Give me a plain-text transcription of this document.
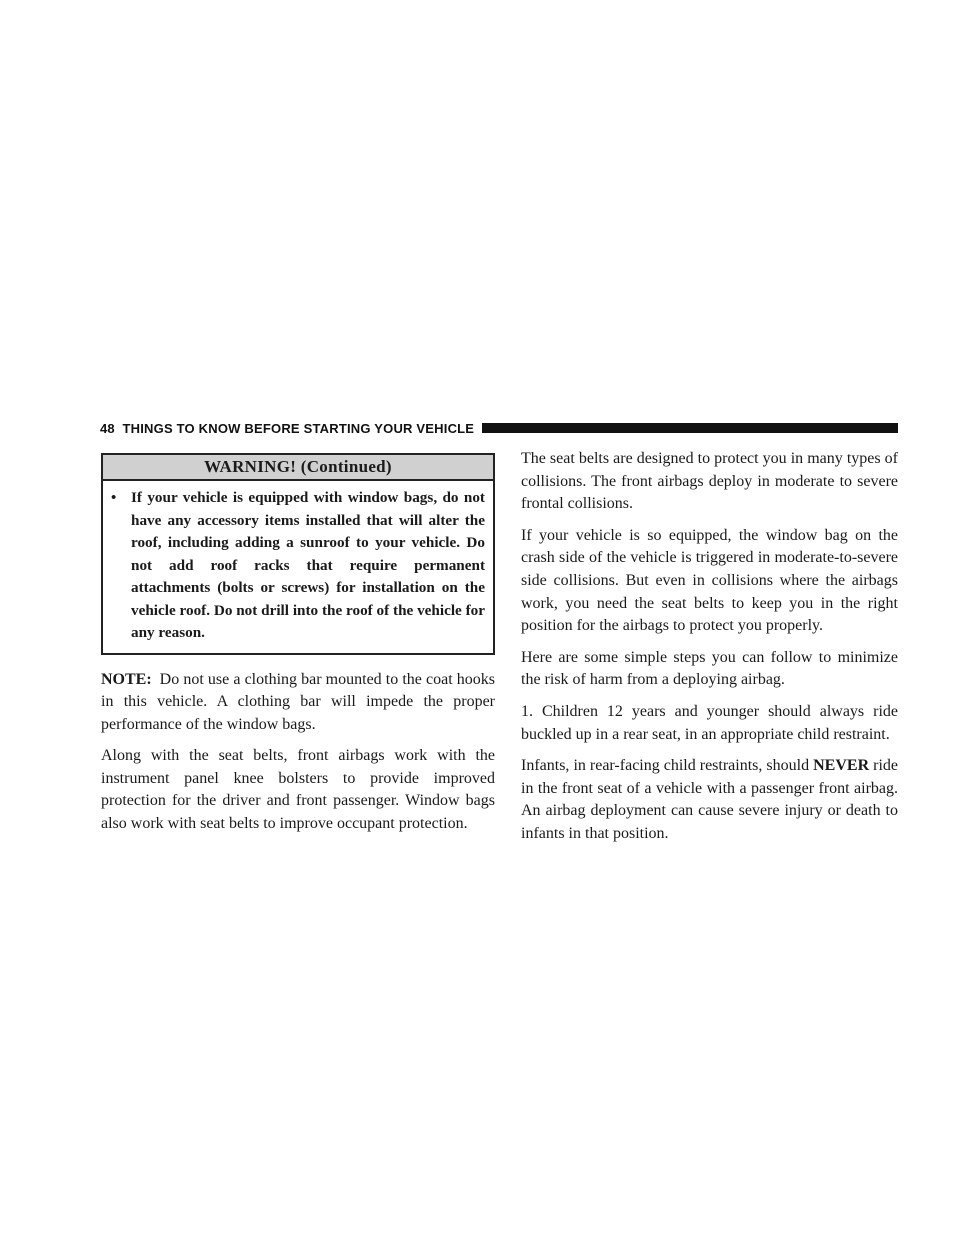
48 THINGS TO KNOW BEFORE STARTING YOUR VEHICLE
WARNING! (Continued)
• If your vehicle is equipped with window bags, do not have any accessory items installed that will alter the roof, including adding a sunroof to your vehicle. Do not add roof racks that require permanent attachments (bolts or screws) for installation on the vehicle roof. Do not drill into the roof of the vehicle for any reason.

NOTE: Do not use a clothing bar mounted to the coat hooks in this vehicle. A clothing bar will impede the proper performance of the window bags.

Along with the seat belts, front airbags work with the instrument panel knee bolsters to provide improved protection for the driver and front passenger. Window bags also work with seat belts to improve occupant protection.

The seat belts are designed to protect you in many types of collisions. The front airbags deploy in moderate to severe frontal collisions.

If your vehicle is so equipped, the window bag on the crash side of the vehicle is triggered in moderate-to-severe side collisions. But even in collisions where the airbags work, you need the seat belts to keep you in the right position for the airbags to protect you properly.

Here are some simple steps you can follow to minimize the risk of harm from a deploying airbag.

1. Children 12 years and younger should always ride buckled up in a rear seat, in an appropriate child restraint.

Infants, in rear-facing child restraints, should NEVER ride in the front seat of a vehicle with a passenger front airbag. An airbag deployment can cause severe injury or death to infants in that position.
